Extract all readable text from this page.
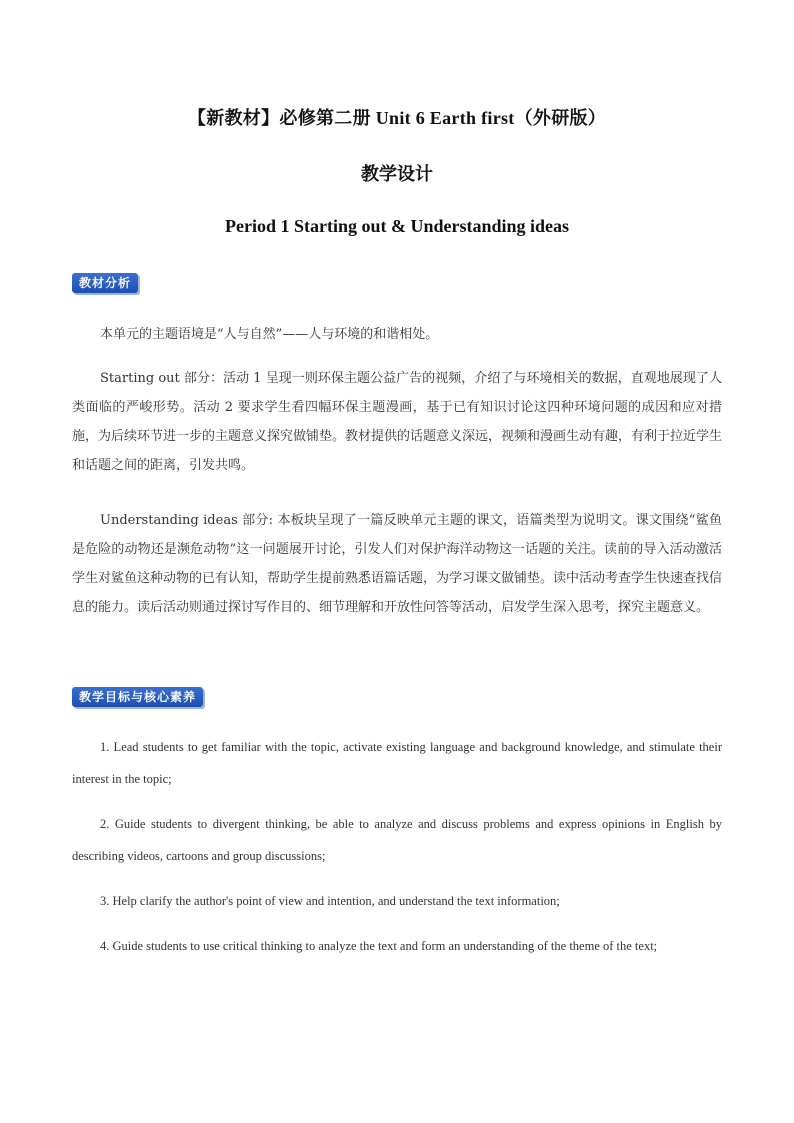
【新教材】必修第二册 Unit 6 Earth first（外研版）
教学设计
Period 1 Starting out & Understanding ideas
教材分析

本单元的主题语境是“人与自然”——人与环境的和谐相处。

Starting out 部分：活动 1 呈现一则环保主题公益广告的视频，介绍了与环境相关的数据，直观地展现了人类面临的严峻形势。活动 2 要求学生看四幅环保主题漫画，基于已有知识讨论这四种环境问题的成因和应对措施，为后续环节进一步的主题意义探究做铺垫。教材提供的话题意义深远，视频和漫画生动有趣，有利于拉近学生和话题之间的距离，引发共鸣。

Understanding ideas 部分: 本板块呈现了一篇反映单元主题的课文，语篇类型为说明文。课文围绕“鲨鱼是危险的动物还是濒危动物”这一问题展开讨论，引发人们对保护海洋动物这一话题的关注。读前的导入活动激活学生对鲨鱼这种动物的已有认知，帮助学生提前熟悉语篇话题，为学习课文做铺垫。读中活动考查学生快速查找信息的能力。读后活动则通过探讨写作目的、细节理解和开放性问答等活动，启发学生深入思考，探究主题意义。

教学目标与核心素养

1. Lead students to get familiar with the topic, activate existing language and background knowledge, and stimulate their interest in the topic;

2. Guide students to divergent thinking, be able to analyze and discuss problems and express opinions in English by describing videos, cartoons and group discussions;

3. Help clarify the author's point of view and intention, and understand the text information;

4. Guide students to use critical thinking to analyze the text and form an understanding of the theme of the text;
